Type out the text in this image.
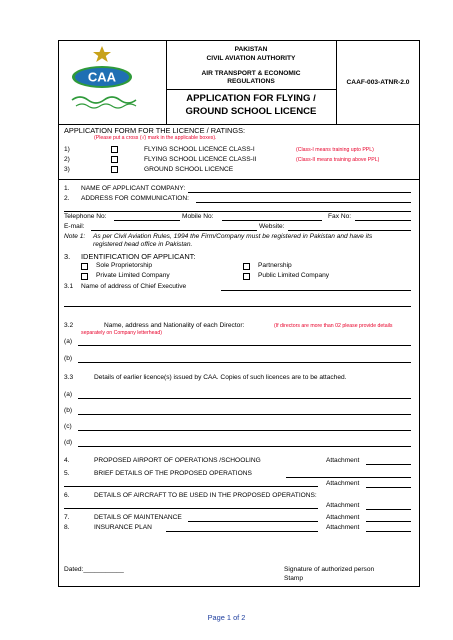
CAA
PAKISTAN
CIVIL AVIATION AUTHORITY
AIR TRANSPORT & ECONOMIC
REGULATIONS
APPLICATION FOR FLYING /
GROUND SCHOOL LICENCE
CAAF-003-ATNR-2.0
APPLICATION FORM FOR THE LICENCE / RATINGS:
(Please put a cross (√) mark in the applicable boxes).
1)	FLYING SCHOOL LICENCE CLASS-I	(Class-I means training upto PPL)
2)	FLYING SCHOOL LICENCE CLASS-II	(Class-II means training above PPL)
3)	GROUND SCHOOL LICENCE
1. NAME OF APPLICANT COMPANY:
2. ADDRESS FOR COMMUNICATION:
Telephone No:	Mobile No:	Fax No:
E-mail:	Website:
Note 1: As per Civil Aviation Rules, 1994 the Firm/Company must be registered in Pakistan and have its
registered head office in Pakistan.
3. IDENTIFICATION OF APPLICANT:
Sole Proprietorship	Partnership
Private Limited Company	Public Limited Company
3.1 Name of address of Chief Executive
3.2	Name, address and Nationality of each Director:	(If directors are more than 02 please provide details
separately on Company letterhead)
(a)
(b)
3.3	Details of earlier licence(s) issued by CAA. Copies of such licences are to be attached.
(a)
(b)
(c)
(d)
4.	PROPOSED AIRPORT OF OPERATIONS /SCHOOLING	Attachment
5.	BRIEF DETAILS OF THE PROPOSED OPERATIONS
Attachment
6.	DETAILS OF AIRCRAFT TO BE USED IN THE PROPOSED OPERATIONS:
Attachment
7.	DETAILS OF MAINTENANCE	Attachment
8.	INSURANCE PLAN	Attachment
Dated:___________	Signature of authorized person
Stamp
Page 1 of 2
